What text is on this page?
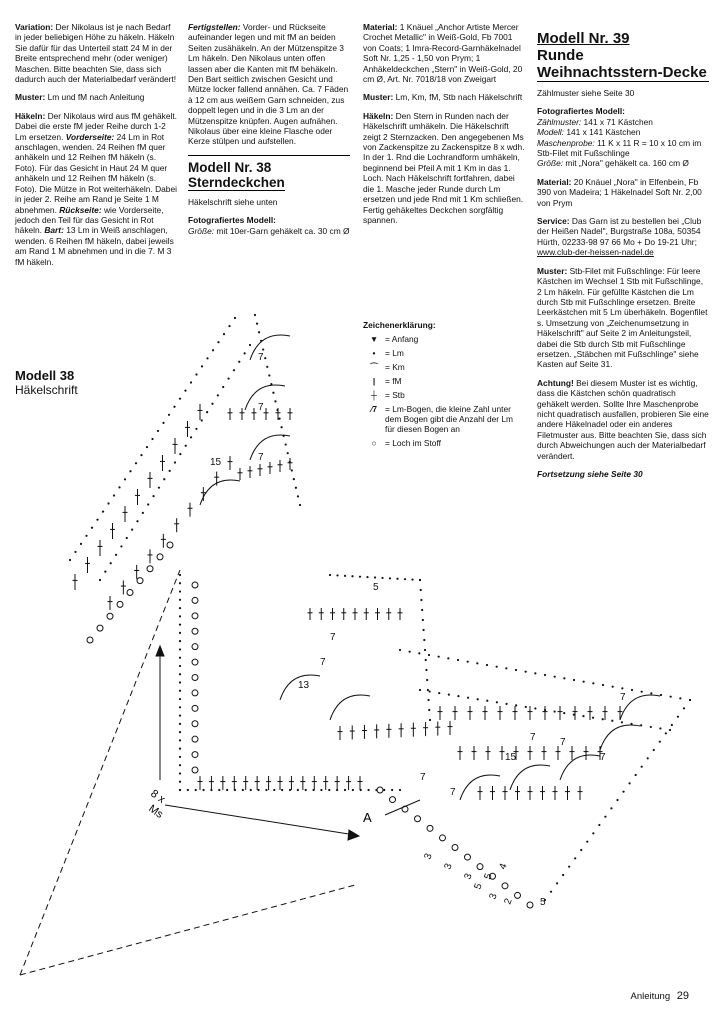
Variation: Der Nikolaus ist je nach Bedarf in jeder beliebigen Höhe zu häkeln. Häkeln Sie dafür für das Unterteil statt 24 M in der Breite entsprechend mehr (oder weniger) Maschen. Bitte beachten Sie, dass sich dadurch auch der Materialbedarf verändert!

Muster: Lm und fM nach Anleitung

Häkeln: Der Nikolaus wird aus fM gehäkelt. Dabei die erste fM jeder Reihe durch 1-2 Lm ersetzen. Vorderseite: 24 Lm in Rot anschlagen, wenden. 24 Reihen fM quer anhäkeln und 12 Reihen fM häkeln (s. Foto). Für das Gesicht in Haut 24 M quer anhäkeln und 12 Reihen fM häkeln (s. Foto). Die Mütze in Rot weiterhäkeln. Dabei in jeder 2. Reihe am Rand je Seite 1 M abnehmen. Rückseite: wie Vorderseite, jedoch den Teil für das Gesicht in Rot häkeln. Bart: 13 Lm in Weiß anschlagen, wenden. 6 Reihen fM häkeln, dabei jeweils am Rand 1 M abnehmen und in die 7. M 3 fM häkeln.

Fertigstellen: Vorder- und Rückseite aufeinander legen und mit fM an beiden Seiten zusähäkeln. An der Mützenspitze 3 Lm häkeln. Den Nikolaus unten offen lassen aber die Kanten mit fM behäkeln. Den Bart seitlich zwischen Gesicht und Mütze locker fallend annähen. Ca. 7 Fäden à 12 cm aus weißem Garn schneiden, zus doppelt legen und in die 3 Lm an der Mützenspitze knüpfen. Augen aufnähen. Nikolaus über eine kleine Flasche oder Kerze stülpen und aufstellen.

Modell Nr. 38
Sterndeckchen

Häkelschrift siehe unten

Fotografiertes Modell:
Größe: mit 10er-Garn gehäkelt ca. 30 cm Ø

Material: 1 Knäuel „Anchor Artiste Mercer Crochet Metallic" in Weiß-Gold, Fb 7001 von Coats; 1 Imra-Record-Garnhäkelnadel Soft Nr. 1,25 - 1,50 von Prym; 1 Anhäkeldeckchen „Stern" in Weiß-Gold, 20 cm Ø, Art. Nr. 7018/18 von Zweigart

Muster: Lm, Km, fM, Stb nach Häkelschrift

Häkeln: Den Stern in Runden nach der Häkelschrift umhäkeln. Die Häkelschrift zeigt 2 Sternzacken. Den angegebenen Ms von Zackenspitze zu Zackenspitze 8 x wdh. In der 1. Rnd die Lochrandform umhäkeln, beginnend bei Pfeil A mit 1 Km in das 1. Loch. Nach Häkelschrift fortfahren, dabei die 1. Masche jeder Runde durch Lm ersetzen und jede Rnd mit 1 Km schließen. Fertig gehäkeltes Deckchen sorgfältig spannen.

Zeichenerklärung:
▼ = Anfang
•	= Lm
⌒ = Km
|	= fM
┼ = Stb
⁄7 = Lm-Bogen, die kleine Zahl unter dem Bogen gibt die Anzahl der Lm für diesen Bogen an
○	= Loch im Stoff
Modell Nr. 39
Runde Weihnachtsstern-Decke

Zählmuster siehe Seite 30

Fotografiertes Modell:
Zählmuster: 141 x 71 Kästchen
Modell: 141 x 141 Kästchen
Maschenprobe: 11 K x 11 R = 10 x 10 cm im Stb-Filet mit Fußschlinge
Größe: mit „Nora" gehäkelt ca. 160 cm Ø

Material: 20 Knäuel „Nora" in Elfenbein, Fb 390 von Madeira; 1 Häkelnadel Soft Nr. 2,00 von Prym

Service: Das Garn ist zu bestellen bei „Club der Heißen Nadel", Burgstraße 108a, 50354 Hürth, 02233-98 97 66 Mo + Do 19-21 Uhr; www.club-der-heissen-nadel.de

Muster: Stb-Filet mit Fußschlinge: Für leere Kästchen im Wechsel 1 Stb mit Fußschlinge, 2 Lm häkeln. Für gefüllte Kästchen die Lm durch Stb mit Fußschlinge ersetzen. Breite Leerkästchen mit 5 Lm überhäkeln. Bogenfilet s. Umsetzung von „Zeichenumsetzung in Häkelschrift" auf Seite 2 im Anleitungsteil, dabei die Stb durch Stb mit Fußschlinge ersetzen. „Stäbchen mit Fußschlinge" siehe Kasten auf Seite 31.

Achtung! Bei diesem Muster ist es wichtig, dass die Kästchen schön quadratisch gehäkelt werden. Sollte Ihre Maschenprobe nicht quadratisch ausfallen, probieren Sie eine andere Häkelnadel oder ein anderes Filetmuster aus. Bitte beachten Sie, dass sich durch Abweichungen auch der Materialbedarf verändert.

Fortsetzung siehe Seite 30

Modell 38
Häkelschrift
7
7
7
15
5
7
7
13
7
7
7 7
15	7
7
5
3
3
3 5
4
5
3
2
8 x
Ms	A
Anleitung 29
